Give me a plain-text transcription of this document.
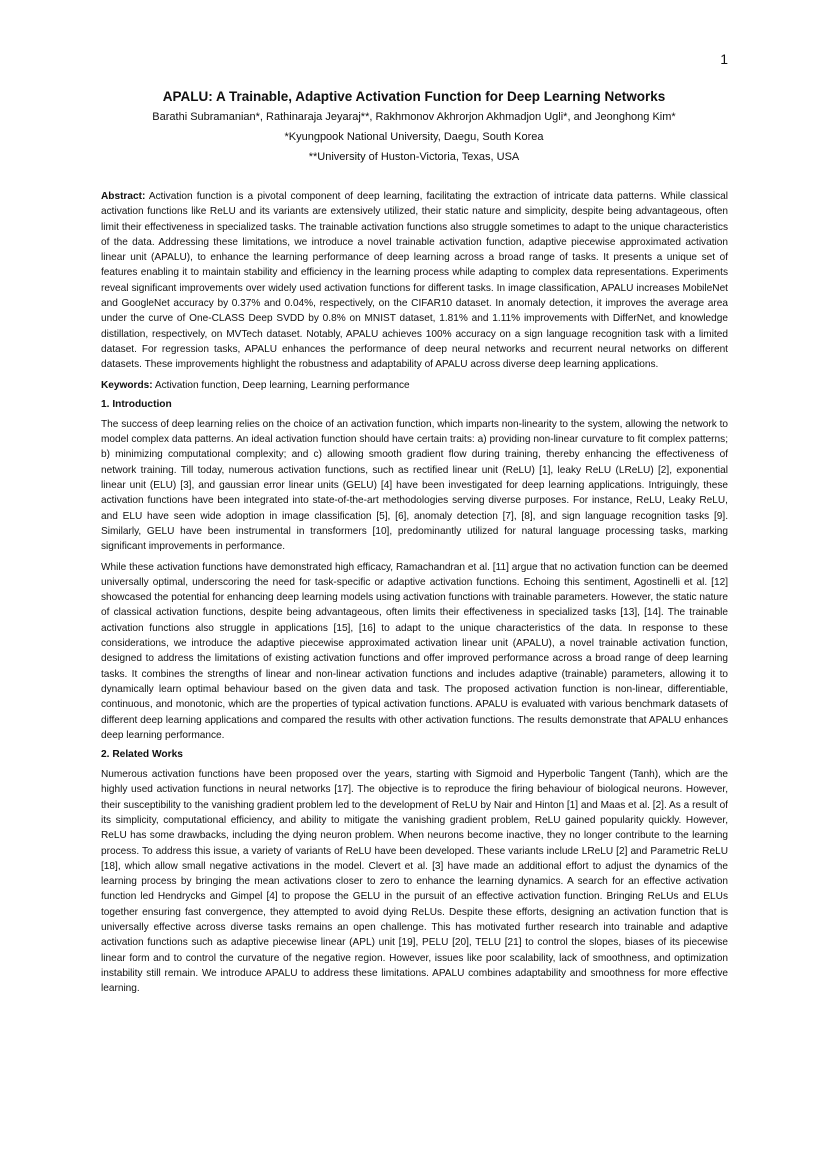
1
APALU: A Trainable, Adaptive Activation Function for Deep Learning Networks
Barathi Subramanian*, Rathinaraja Jeyaraj**, Rakhmonov Akhrorjon Akhmadjon Ugli*, and Jeonghong Kim*
*Kyungpook National University, Daegu, South Korea
**University of Huston-Victoria, Texas, USA

Abstract: Activation function is a pivotal component of deep learning, facilitating the extraction of intricate data patterns. While classical activation functions like ReLU and its variants are extensively utilized, their static nature and simplicity, despite being advantageous, often limit their effectiveness in specialized tasks. The trainable activation functions also struggle sometimes to adapt to the unique characteristics of the data. Addressing these limitations, we introduce a novel trainable activation function, adaptive piecewise approximated activation linear unit (APALU), to enhance the learning performance of deep learning across a broad range of tasks. It presents a unique set of features enabling it to maintain stability and efficiency in the learning process while adapting to complex data representations. Experiments reveal significant improvements over widely used activation functions for different tasks. In image classification, APALU increases MobileNet and GoogleNet accuracy by 0.37% and 0.04%, respectively, on the CIFAR10 dataset. In anomaly detection, it improves the average area under the curve of One-CLASS Deep SVDD by 0.8% on MNIST dataset, 1.81% and 1.11% improvements with DifferNet, and knowledge distillation, respectively, on MVTech dataset. Notably, APALU achieves 100% accuracy on a sign language recognition task with a limited dataset. For regression tasks, APALU enhances the performance of deep neural networks and recurrent neural networks on different datasets. These improvements highlight the robustness and adaptability of APALU across diverse deep learning applications.

Keywords: Activation function, Deep learning, Learning performance

1. Introduction

The success of deep learning relies on the choice of an activation function, which imparts non-linearity to the system, allowing the network to model complex data patterns. An ideal activation function should have certain traits: a) providing non-linear curvature to fit complex patterns; b) minimizing computational complexity; and c) allowing smooth gradient flow during training, thereby enhancing the effectiveness of network training. Till today, numerous activation functions, such as rectified linear unit (ReLU) [1], leaky ReLU (LReLU) [2], exponential linear unit (ELU) [3], and gaussian error linear units (GELU) [4] have been investigated for deep learning applications. Intriguingly, these activation functions have been integrated into state-of-the-art methodologies serving diverse purposes. For instance, ReLU, Leaky ReLU, and ELU have seen wide adoption in image classification [5], [6], anomaly detection [7], [8], and sign language recognition tasks [9]. Similarly, GELU have been instrumental in transformers [10], predominantly utilized for natural language processing tasks, marking significant improvements in performance.

While these activation functions have demonstrated high efficacy, Ramachandran et al. [11] argue that no activation function can be deemed universally optimal, underscoring the need for task-specific or adaptive activation functions. Echoing this sentiment, Agostinelli et al. [12] showcased the potential for enhancing deep learning models using activation functions with trainable parameters. However, the static nature of classical activation functions, despite being advantageous, often limits their effectiveness in specialized tasks [13], [14]. The trainable activation functions also struggle in applications [15], [16] to adapt to the unique characteristics of the data. In response to these considerations, we introduce the adaptive piecewise approximated activation linear unit (APALU), a novel trainable activation function, designed to address the limitations of existing activation functions and offer improved performance across a broad range of deep learning tasks. It combines the strengths of linear and non-linear activation functions and includes adaptive (trainable) parameters, allowing it to dynamically learn optimal behaviour based on the given data and task. The proposed activation function is non-linear, differentiable, continuous, and monotonic, which are the properties of typical activation functions. APALU is evaluated with various benchmark datasets of different deep learning applications and compared the results with other activation functions. The results demonstrate that APALU enhances deep learning performance.

2. Related Works

Numerous activation functions have been proposed over the years, starting with Sigmoid and Hyperbolic Tangent (Tanh), which are the highly used activation functions in neural networks [17]. The objective is to reproduce the firing behaviour of biological neurons. However, their susceptibility to the vanishing gradient problem led to the development of ReLU by Nair and Hinton [1] and Maas et al. [2]. As a result of its simplicity, computational efficiency, and ability to mitigate the vanishing gradient problem, ReLU gained popularity quickly. However, ReLU has some drawbacks, including the dying neuron problem. When neurons become inactive, they no longer contribute to the learning process. To address this issue, a variety of variants of ReLU have been developed. These variants include LReLU [2] and Parametric ReLU [18], which allow small negative activations in the model. Clevert et al. [3] have made an additional effort to adjust the dynamics of the learning process by bringing the mean activations closer to zero to enhance the learning dynamics. A search for an effective activation function led Hendrycks and Gimpel [4] to propose the GELU in the pursuit of an effective activation function. Bringing ReLUs and ELUs together ensuring fast convergence, they attempted to avoid dying ReLUs. Despite these efforts, designing an activation function that is universally effective across diverse tasks remains an open challenge. This has motivated further research into trainable and adaptive activation functions such as adaptive piecewise linear (APL) unit [19], PELU [20], TELU [21] to control the slopes, biases of its piecewise linear form and to control the curvature of the negative region. However, issues like poor scalability, lack of smoothness, and optimization instability still remain. We introduce APALU to address these limitations. APALU combines adaptability and smoothness for more effective learning.
